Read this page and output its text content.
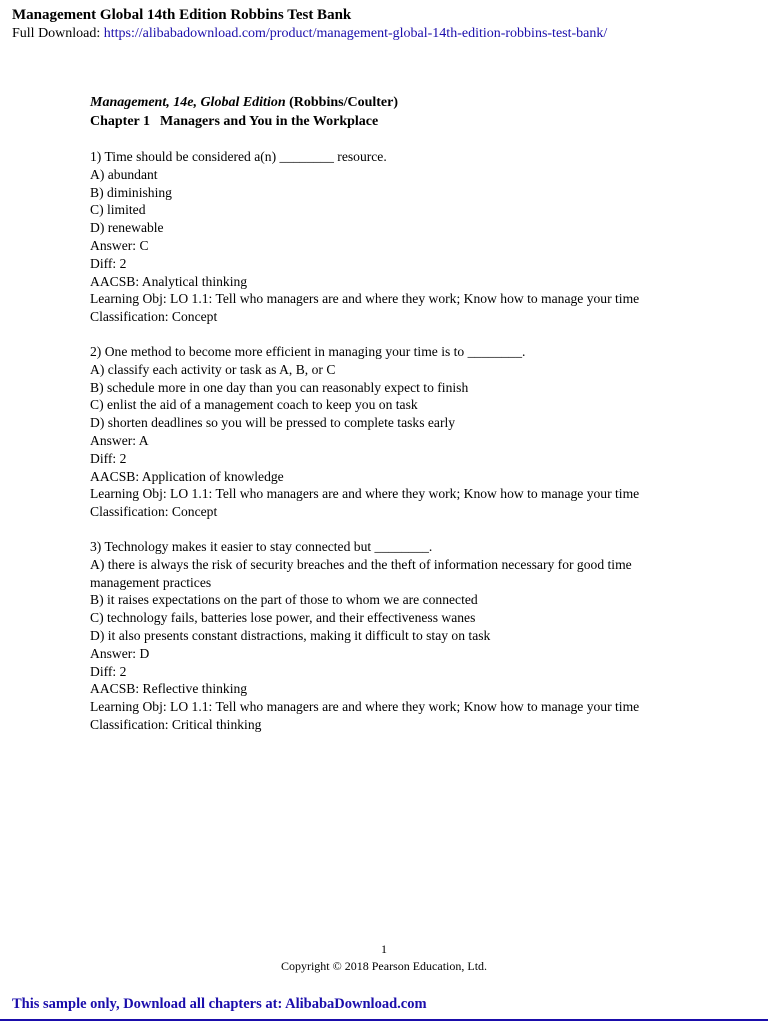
Management Global 14th Edition Robbins Test Bank
Full Download: https://alibabadownload.com/product/management-global-14th-edition-robbins-test-bank/
Management, 14e, Global Edition (Robbins/Coulter)
Chapter 1 Managers and You in the Workplace
1) Time should be considered a(n) ________ resource.
A) abundant
B) diminishing
C) limited
D) renewable
Answer: C
Diff: 2
AACSB: Analytical thinking
Learning Obj: LO 1.1: Tell who managers are and where they work; Know how to manage your time
Classification: Concept
2) One method to become more efficient in managing your time is to ________.
A) classify each activity or task as A, B, or C
B) schedule more in one day than you can reasonably expect to finish
C) enlist the aid of a management coach to keep you on task
D) shorten deadlines so you will be pressed to complete tasks early
Answer: A
Diff: 2
AACSB: Application of knowledge
Learning Obj: LO 1.1: Tell who managers are and where they work; Know how to manage your time
Classification: Concept
3) Technology makes it easier to stay connected but ________.
A) there is always the risk of security breaches and the theft of information necessary for good time management practices
B) it raises expectations on the part of those to whom we are connected
C) technology fails, batteries lose power, and their effectiveness wanes
D) it also presents constant distractions, making it difficult to stay on task
Answer: D
Diff: 2
AACSB: Reflective thinking
Learning Obj: LO 1.1: Tell who managers are and where they work; Know how to manage your time
Classification: Critical thinking
1
Copyright © 2018 Pearson Education, Ltd.
This sample only, Download all chapters at: AlibabaDownload.com
